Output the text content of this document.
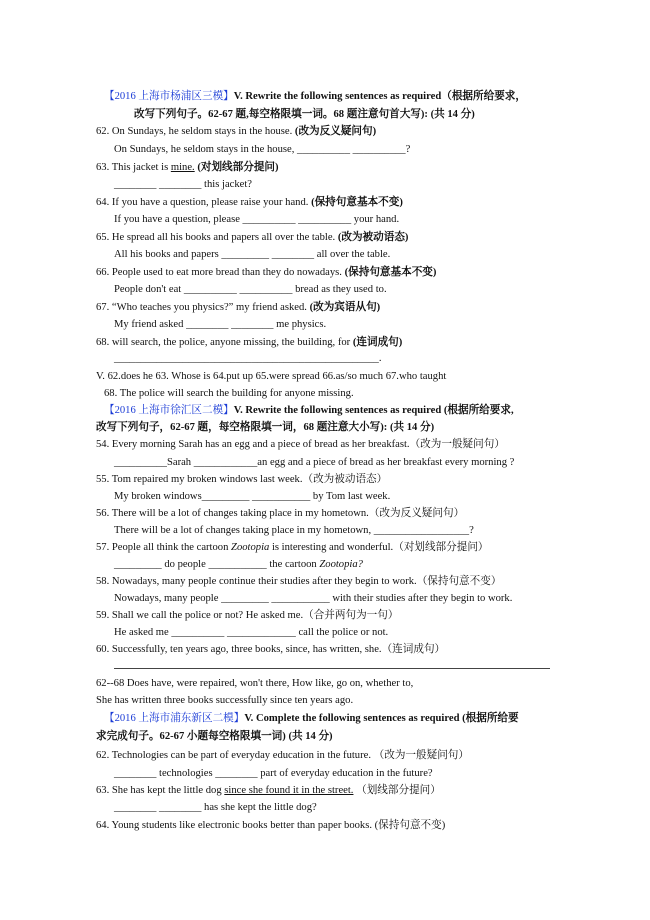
【2016 上海市杨浦区三模】V. Rewrite the following sentences as required（根据所给要求，
改写下列句子。62-67 题,每空格限填一词。68 题注意句首大写): (共 14 分)
62. On Sundays, he seldom stays in the house. (改为反义疑问句)
On Sundays, he seldom stays in the house, __________ __________?
63. This jacket is mine. (对划线部分提问)
________ ________ this jacket?
64. If you have a question, please raise your hand. (保持句意基本不变)
If you have a question, please __________ __________ your hand.
65. He spread all his books and papers all over the table. (改为被动语态)
All his books and papers _________ ________ all over the table.
66. People used to eat more bread than they do nowadays. (保持句意基本不变)
People don't eat __________ __________ bread as they used to.
67. “Who teaches you physics?” my friend asked. (改为宾语从句)
My friend asked ________ ________ me physics.
68. will search, the police, anyone missing, the building, for (连词成句)
__________________________________________________.
V. 62.does he 63. Whose is 64.put up 65.were spread 66.as/so much 67.who taught
68. The police will search the building for anyone missing.
【2016 上海市徐汇区二模】V. Rewrite the following sentences as required (根据所给要求,
改写下列句子，62-67 题，每空格限填一词，68 题注意大小写): (共 14 分)
54. Every morning Sarah has an egg and a piece of bread as her breakfast.（改为一般疑问句）
__________Sarah ____________an egg and a piece of bread as her breakfast every morning ?
55. Tom repaired my broken windows last week.（改为被动语态）
My broken windows_________ ___________ by Tom last week.
56. There will be a lot of changes taking place in my hometown.（改为反义疑问句）
There will be a lot of changes taking place in my hometown, __________________?
57. People all think the cartoon Zootopia is interesting and wonderful.（对划线部分提问）
_________ do people ___________ the cartoon Zootopia?
58. Nowadays, many people continue their studies after they begin to work.（保持句意不变）
Nowadays, many people _________ ___________ with their studies after they begin to work.
59. Shall we call the police or not? He asked me.（合并两句为一句）
He asked me __________ _____________ call the police or not.
60. Successfully, ten years ago, three books, since, has written, she.（连词成句）
62--68 Does have, were repaired, won't there, How like, go on, whether to,
She has written three books successfully since ten years ago.
【2016 上海市浦东新区二模】V. Complete the following sentences as required (根据所给要
求完成句子。62-67 小题每空格限填一词) (共 14 分)
62. Technologies can be part of everyday education in the future. （改为一般疑问句）
________ technologies ________ part of everyday education in the future?
63. She has kept the little dog since she found it in the street. （划线部分提问）
________ ________ has she kept the little dog?
64. Young students like electronic books better than paper books. (保持句意不变)
